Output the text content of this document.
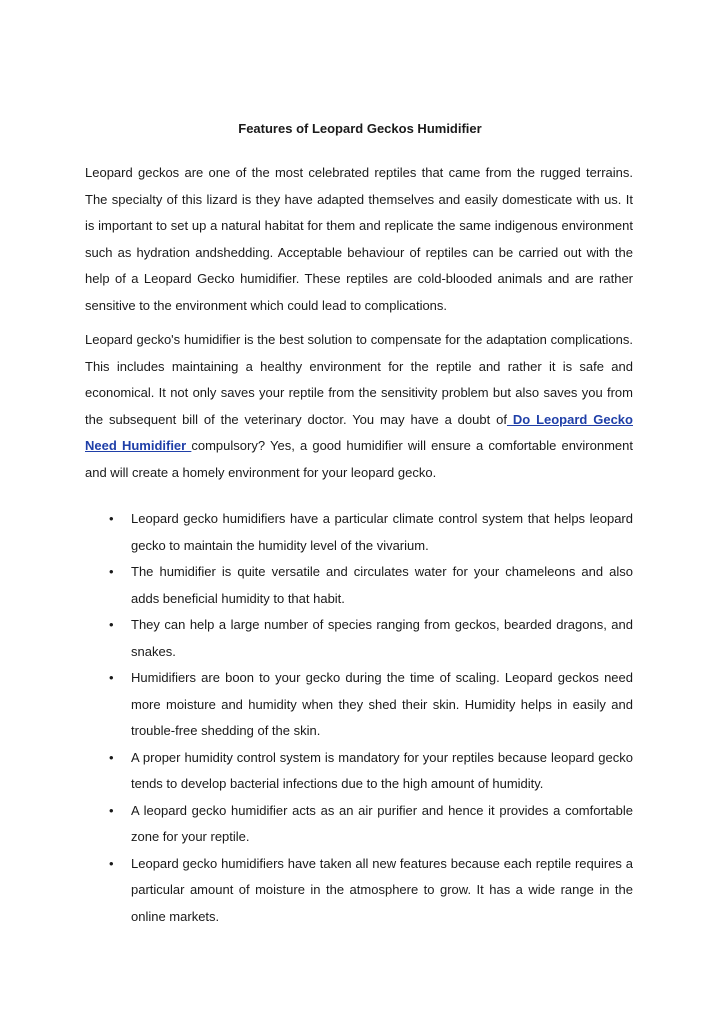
Features of Leopard Geckos Humidifier

Leopard geckos are one of the most celebrated reptiles that came from the rugged terrains. The specialty of this lizard is they have adapted themselves and easily domesticate with us. It is important to set up a natural habitat for them and replicate the same indigenous environment such as hydration andshedding. Acceptable behaviour of reptiles can be carried out with the help of a Leopard Gecko humidifier. These reptiles are cold-blooded animals and are rather sensitive to the environment which could lead to complications.

Leopard gecko's humidifier is the best solution to compensate for the adaptation complications. This includes maintaining a healthy environment for the reptile and rather it is safe and economical. It not only saves your reptile from the sensitivity problem but also saves you from the subsequent bill of the veterinary doctor. You may have a doubt of Do Leopard Gecko Need Humidifier compulsory? Yes, a good humidifier will ensure a comfortable environment and will create a homely environment for your leopard gecko.

• Leopard gecko humidifiers have a particular climate control system that helps leopard gecko to maintain the humidity level of the vivarium.
• The humidifier is quite versatile and circulates water for your chameleons and also adds beneficial humidity to that habit.
• They can help a large number of species ranging from geckos, bearded dragons, and snakes.
• Humidifiers are boon to your gecko during the time of scaling. Leopard geckos need more moisture and humidity when they shed their skin. Humidity helps in easily and trouble-free shedding of the skin.
• A proper humidity control system is mandatory for your reptiles because leopard gecko tends to develop bacterial infections due to the high amount of humidity.
• A leopard gecko humidifier acts as an air purifier and hence it provides a comfortable zone for your reptile.
• Leopard gecko humidifiers have taken all new features because each reptile requires a particular amount of moisture in the atmosphere to grow. It has a wide range in the online markets.
